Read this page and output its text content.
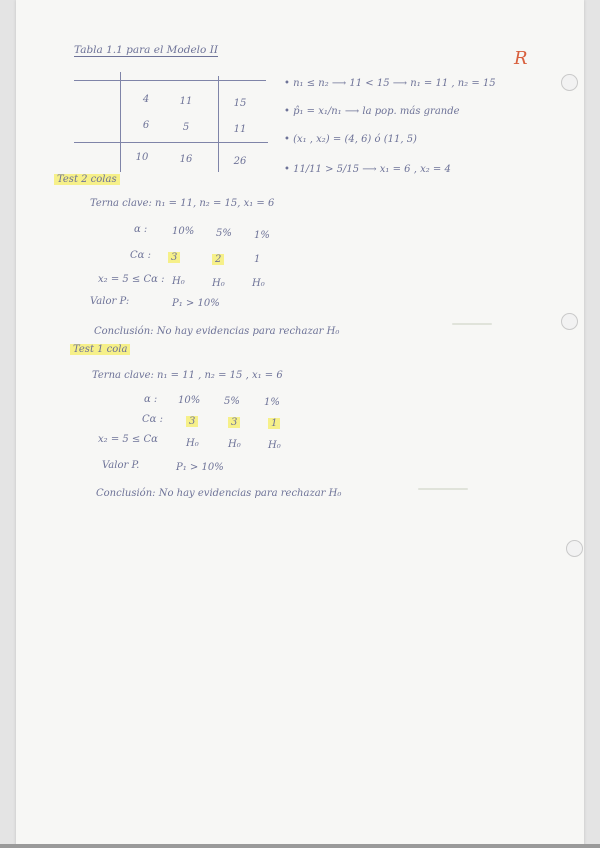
R
Tabla 1.1 para el Modelo II
4	11	15
6	5	11
10	16	26
• n₁ ≤ n₂ ⟶ 11 < 15 ⟶ n₁ = 11 , n₂ = 15
• p̂₁ = x₁/n₁ ⟶ la pop. más grande
• (x₁ , x₂) = (4, 6) ó (11, 5)
• 11/11 > 5/15 ⟶ x₁ = 6 , x₂ = 4
Test 2 colas
Terna clave: n₁ = 11, n₂ = 15, x₁ = 6
α : 10% 5% 1%
Cα :	3	2	1
x₂ = 5 ≤ Cα : H₀	H₀	H₀
Valor P:	P₁ > 10%
Conclusión: No hay evidencias para rechazar H₀
Test 1 cola
Terna clave: n₁ = 11 , n₂ = 15 , x₁ = 6
α : 10% 5% 1%
Cα :	3	3	1
x₂ = 5 ≤ Cα	H₀	H₀	H₀
Valor P.	P₁ > 10%
Conclusión: No hay evidencias para rechazar H₀
